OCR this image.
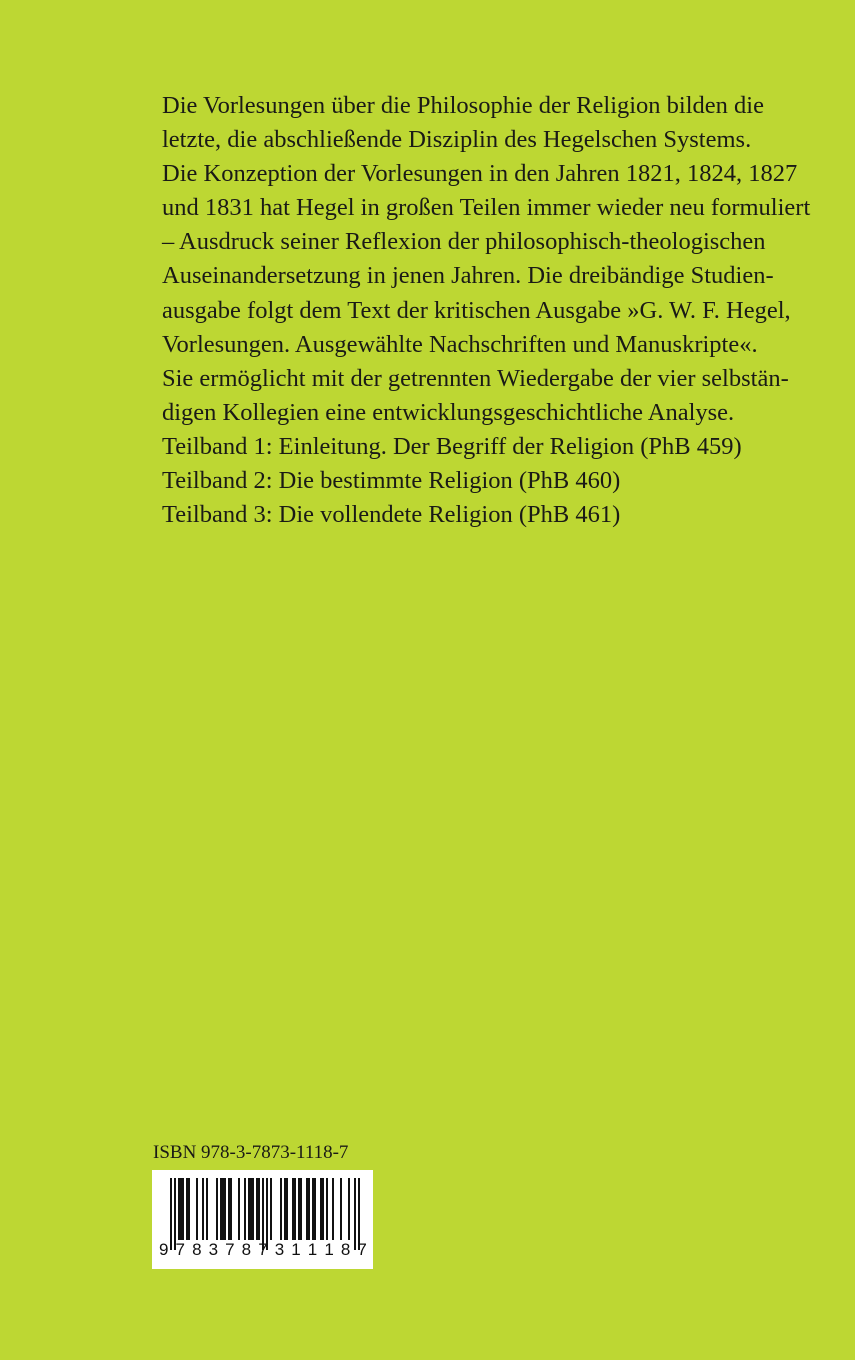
Die Vorlesungen über die Philosophie der Religion bilden die
letzte, die abschließende Disziplin des Hegelschen Systems.
Die Konzeption der Vorlesungen in den Jahren 1821, 1824, 1827
und 1831 hat Hegel in großen Teilen immer wieder neu formuliert
– Ausdruck seiner Reflexion der philosophisch-theologischen
Auseinandersetzung in jenen Jahren. Die dreibändige Studien-
ausgabe folgt dem Text der kritischen Ausgabe »G. W. F. Hegel,
Vorlesungen. Ausgewählte Nachschriften und Manuskripte«.
Sie ermöglicht mit der getrennten Wiedergabe der vier selbstän-
digen Kollegien eine entwicklungsgeschichtliche Analyse.
Teilband 1: Einleitung. Der Begriff der Religion (PhB 459)
Teilband 2: Die bestimmte Religion (PhB 460)
Teilband 3: Die vollendete Religion (PhB 461)

ISBN 978-3-7873-1118-7
9 7 8 3 7 8 7 3 1 1 1 8 7
